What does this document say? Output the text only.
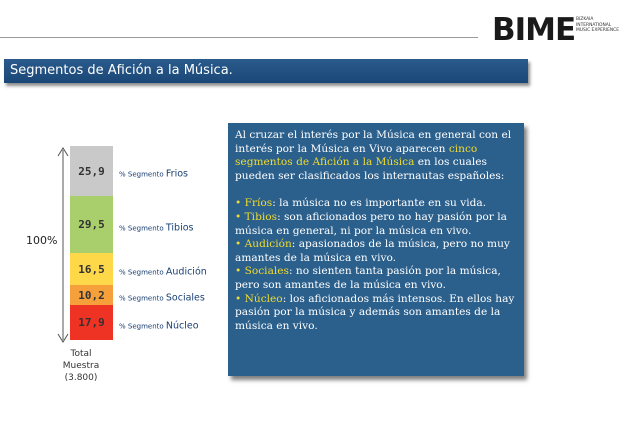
BIME BIZKAIA
INTERNATIONAL
MUSIC EXPERIENCE
Segmentos de Afición a la Música.
100%
25,9
29,5
16,5
10,2
17,9
% Segmento Frios
% Segmento Tibios
% Segmento Audición
% Segmento Sociales
% Segmento Núcleo
Total
Muestra
(3.800)

Al cruzar el interés por la Música en general con el interés por la Música en Vivo aparecen cinco segmentos de Afición a la Música en los cuales pueden ser clasificados los internautas españoles:

• Fríos: la música no es importante en su vida.

• Tibios: son aficionados pero no hay pasión por la música en general, ni por la música en vivo.

• Audición: apasionados de la música, pero no muy amantes de la música en vivo.

• Sociales: no sienten tanta pasión por la música, pero son amantes de la música en vivo.

• Núcleo: los aficionados más intensos. En ellos hay pasión por la música y además son amantes de la música en vivo.
